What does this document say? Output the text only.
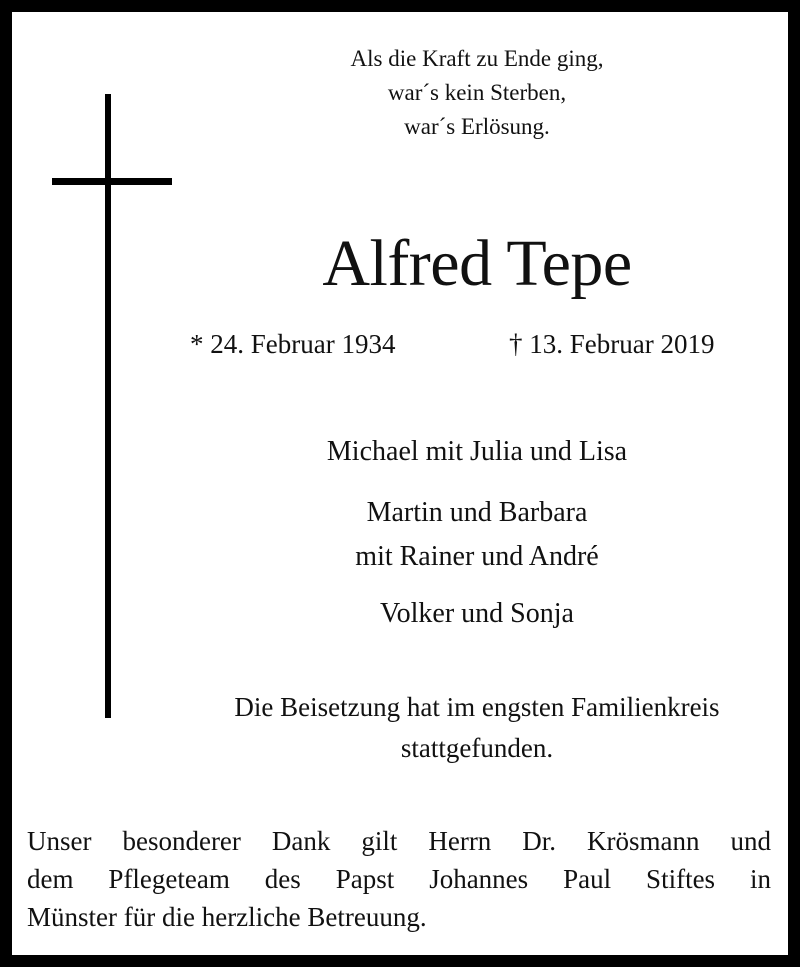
Als die Kraft zu Ende ging,
war´s kein Sterben,
war´s Erlösung.
Alfred Tepe
* 24. Februar 1934	† 13. Februar 2019
Michael mit Julia und Lisa
Martin und Barbara
mit Rainer und André
Volker und Sonja
Die Beisetzung hat im engsten Familienkreis
stattgefunden.
Unser besonderer Dank gilt Herrn Dr. Krösmann und
dem Pflegeteam des Papst Johannes Paul Stiftes in
Münster für die herzliche Betreuung.
